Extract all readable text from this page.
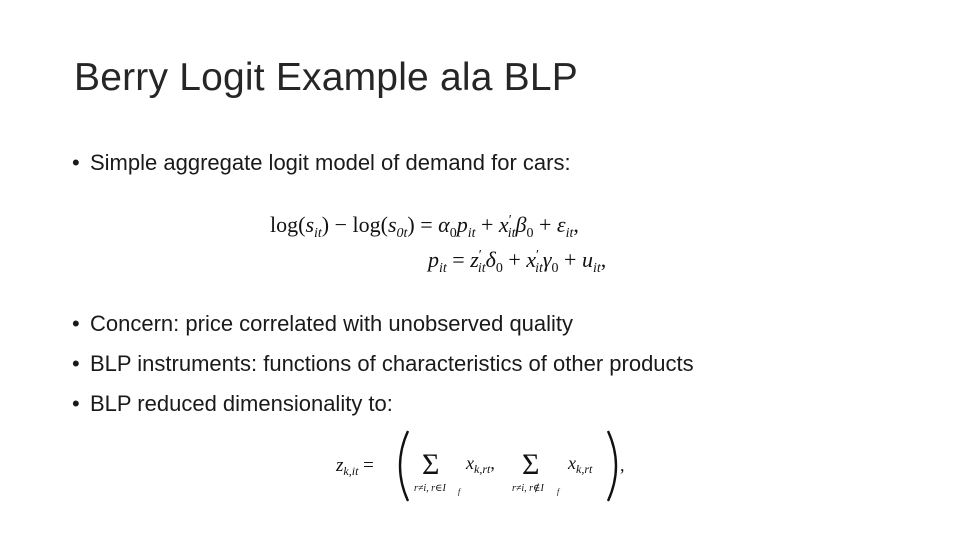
Berry Logit Example ala BLP
• Simple aggregate logit model of demand for cars:
$\log(s_{it}) - \log(s_{0t}) = \alpha_0p_{it} + x'$ $it\beta_0 + \varepsilon_{it}$,
$p_{it} = z'$ itδ$_0$ + x′ $it\gamma_0 + u_{it}$,
• Concern: price correlated with unobserved quality
• BLP instruments: functions of characteristics of other products
• BLP reduced dimensionality to:
$z_{k,it} = \Sigma$
r≠i, r∈I f
$x_{k,rt}$, Σ
r≠i, r∉I f
$x_{k,rt}$ ,
